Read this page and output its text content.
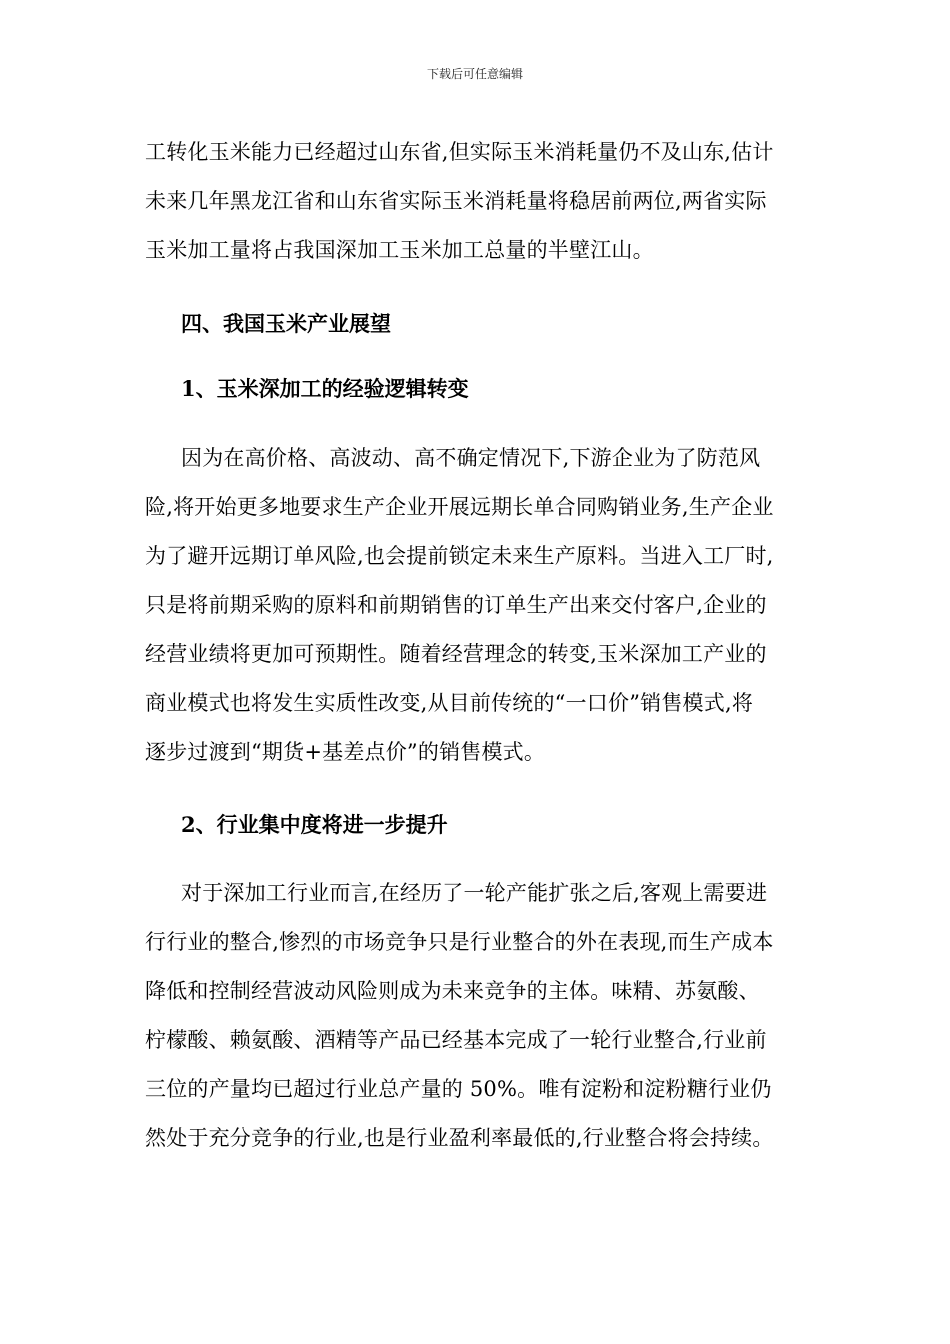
下载后可任意编辑
工转化玉米能力已经超过山东省,但实际玉米消耗量仍不及山东,估计
未来几年黑龙江省和山东省实际玉米消耗量将稳居前两位,两省实际
玉米加工量将占我国深加工玉米加工总量的半壁江山。
四、我国玉米产业展望
1、玉米深加工的经验逻辑转变
因为在高价格、高波动、高不确定情况下,下游企业为了防范风
险,将开始更多地要求生产企业开展远期长单合同购销业务,生产企业
为了避开远期订单风险,也会提前锁定未来生产原料。当进入工厂时,
只是将前期采购的原料和前期销售的订单生产出来交付客户,企业的
经营业绩将更加可预期性。随着经营理念的转变,玉米深加工产业的
商业模式也将发生实质性改变,从目前传统的“一口价”销售模式,将
逐步过渡到“期货+基差点价”的销售模式。
2、行业集中度将进一步提升
对于深加工行业而言,在经历了一轮产能扩张之后,客观上需要进
行行业的整合,惨烈的市场竞争只是行业整合的外在表现,而生产成本
降低和控制经营波动风险则成为未来竞争的主体。味精、苏氨酸、
柠檬酸、赖氨酸、酒精等产品已经基本完成了一轮行业整合,行业前
三位的产量均已超过行业总产量的 50%。唯有淀粉和淀粉糖行业仍
然处于充分竞争的行业,也是行业盈利率最低的,行业整合将会持续。
